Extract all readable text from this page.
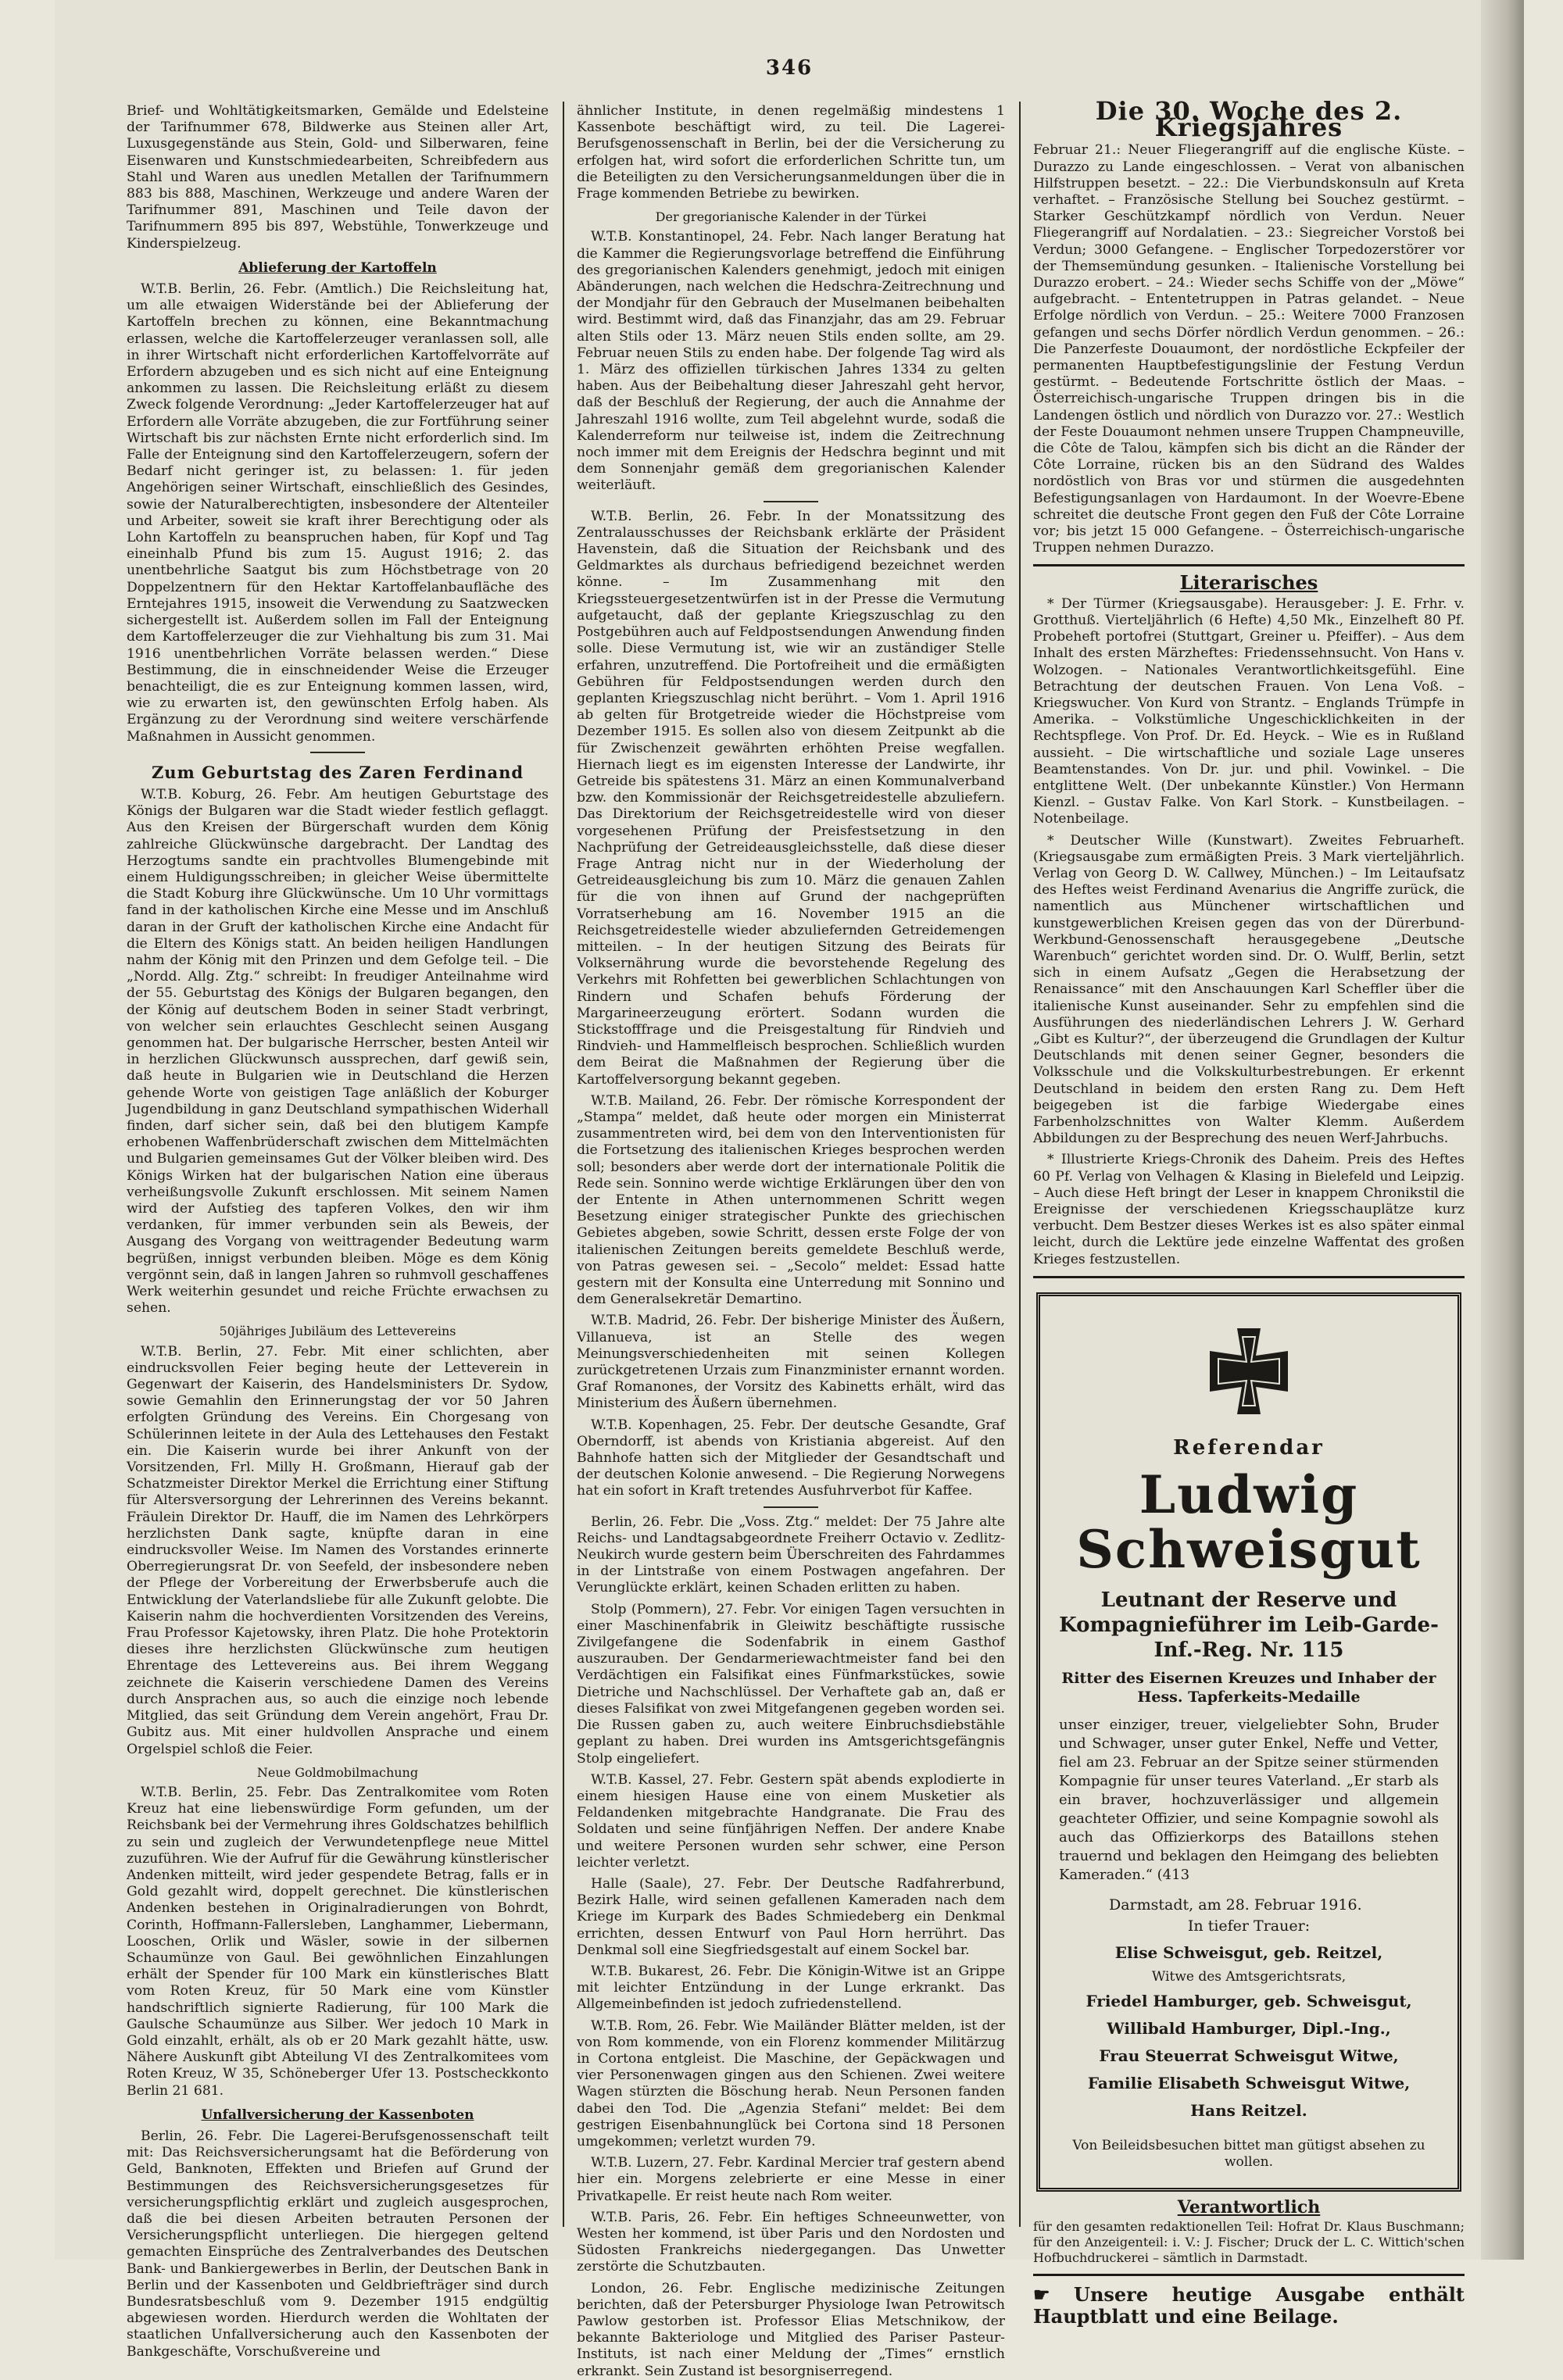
346

Brief- und Wohltätigkeitsmarken, Gemälde und Edelsteine der Tarifnummer 678, Bildwerke aus Steinen aller Art, Luxusgegenstände aus Stein, Gold- und Silberwaren, feine Eisenwaren und Kunstschmiedearbeiten, Schreibfedern aus Stahl und Waren aus unedlen Metallen der Tarifnummern 883 bis 888, Maschinen, Werkzeuge und andere Waren der Tarifnummer 891, Maschinen und Teile davon der Tarifnummern 895 bis 897, Webstühle, Tonwerkzeuge und Kinderspielzeug.

Ablieferung der Kartoffeln

W.T.B. Berlin, 26. Febr. (Amtlich.) Die Reichsleitung hat, um alle etwaigen Widerstände bei der Ablieferung der Kartoffeln brechen zu können, eine Bekanntmachung erlassen, welche die Kartoffelerzeuger veranlassen soll, alle in ihrer Wirtschaft nicht erforderlichen Kartoffelvorräte auf Erfordern abzugeben und es sich nicht auf eine Enteignung ankommen zu lassen. Die Reichsleitung erläßt zu diesem Zweck folgende Verordnung: „Jeder Kartoffelerzeuger hat auf Erfordern alle Vorräte abzugeben, die zur Fortführung seiner Wirtschaft bis zur nächsten Ernte nicht erforderlich sind. Im Falle der Enteignung sind den Kartoffelerzeugern, sofern der Bedarf nicht geringer ist, zu belassen: 1. für jeden Angehörigen seiner Wirtschaft, einschließlich des Gesindes, sowie der Naturalberechtigten, insbesondere der Altenteiler und Arbeiter, soweit sie kraft ihrer Berechtigung oder als Lohn Kartoffeln zu beanspruchen haben, für Kopf und Tag eineinhalb Pfund bis zum 15. August 1916; 2. das unentbehrliche Saatgut bis zum Höchstbetrage von 20 Doppelzentnern für den Hektar Kartoffelanbaufläche des Erntejahres 1915, insoweit die Verwendung zu Saatzwecken sichergestellt ist. Außerdem sollen im Fall der Enteignung dem Kartoffelerzeuger die zur Viehhaltung bis zum 31. Mai 1916 unentbehrlichen Vorräte belassen werden.“ Diese Bestimmung, die in einschneidender Weise die Erzeuger benachteiligt, die es zur Enteignung kommen lassen, wird, wie zu erwarten ist, den gewünschten Erfolg haben. Als Ergänzung zu der Verordnung sind weitere verschärfende Maßnahmen in Aussicht genommen.

Zum Geburtstag des Zaren Ferdinand

W.T.B. Koburg, 26. Febr. Am heutigen Geburtstage des Königs der Bulgaren war die Stadt wieder festlich geflaggt. Aus den Kreisen der Bürgerschaft wurden dem König zahlreiche Glückwünsche dargebracht. Der Landtag des Herzogtums sandte ein prachtvolles Blumengebinde mit einem Huldigungsschreiben; in gleicher Weise übermittelte die Stadt Koburg ihre Glückwünsche. Um 10 Uhr vormittags fand in der katholischen Kirche eine Messe und im Anschluß daran in der Gruft der katholischen Kirche eine Andacht für die Eltern des Königs statt. An beiden heiligen Handlungen nahm der König mit den Prinzen und dem Gefolge teil. – Die „Nordd. Allg. Ztg.“ schreibt: In freudiger Anteilnahme wird der 55. Geburtstag des Königs der Bulgaren begangen, den der König auf deutschem Boden in seiner Stadt verbringt, von welcher sein erlauchtes Geschlecht seinen Ausgang genommen hat. Der bulgarische Herrscher, besten Anteil wir in herzlichen Glückwunsch aussprechen, darf gewiß sein, daß heute in Bulgarien wie in Deutschland die Herzen gehende Worte von geistigen Tage anläßlich der Koburger Jugendbildung in ganz Deutschland sympathischen Widerhall finden, darf sicher sein, daß bei den blutigem Kampfe erhobenen Waffenbrüderschaft zwischen dem Mittelmächten und Bulgarien gemeinsames Gut der Völker bleiben wird. Des Königs Wirken hat der bulgarischen Nation eine überaus verheißungsvolle Zukunft erschlossen. Mit seinem Namen wird der Aufstieg des tapferen Volkes, den wir ihm verdanken, für immer verbunden sein als Beweis, der Ausgang des Vorgang von weittragender Bedeutung warm begrüßen, innigst verbunden bleiben. Möge es dem König vergönnt sein, daß in langen Jahren so ruhmvoll geschaffenes Werk weiterhin gesundet und reiche Früchte erwachsen zu sehen.

50jähriges Jubiläum des Lettevereins

W.T.B. Berlin, 27. Febr. Mit einer schlichten, aber eindrucksvollen Feier beging heute der Letteverein in Gegenwart der Kaiserin, des Handelsministers Dr. Sydow, sowie Gemahlin den Erinnerungstag der vor 50 Jahren erfolgten Gründung des Vereins. Ein Chorgesang von Schülerinnen leitete in der Aula des Lettehauses den Festakt ein. Die Kaiserin wurde bei ihrer Ankunft von der Vorsitzenden, Frl. Milly H. Großmann, Hierauf gab der Schatzmeister Direktor Merkel die Errichtung einer Stiftung für Altersversorgung der Lehrerinnen des Vereins bekannt. Fräulein Direktor Dr. Hauff, die im Namen des Lehrkörpers herzlichsten Dank sagte, knüpfte daran in eine eindrucksvoller Weise. Im Namen des Vorstandes erinnerte Oberregierungsrat Dr. von Seefeld, der insbesondere neben der Pflege der Vorbereitung der Erwerbsberufe auch die Entwicklung der Vaterlandsliebe für alle Zukunft gelobte. Die Kaiserin nahm die hochverdienten Vorsitzenden des Vereins, Frau Professor Kajetowsky, ihren Platz. Die hohe Protektorin dieses ihre herzlichsten Glückwünsche zum heutigen Ehrentage des Lettevereins aus. Bei ihrem Weggang zeichnete die Kaiserin verschiedene Damen des Vereins durch Ansprachen aus, so auch die einzige noch lebende Mitglied, das seit Gründung dem Verein angehört, Frau Dr. Gubitz aus. Mit einer huldvollen Ansprache und einem Orgelspiel schloß die Feier.

Neue Goldmobilmachung

W.T.B. Berlin, 25. Febr. Das Zentralkomitee vom Roten Kreuz hat eine liebenswürdige Form gefunden, um der Reichsbank bei der Vermehrung ihres Goldschatzes behilflich zu sein und zugleich der Verwundetenpflege neue Mittel zuzuführen. Wie der Aufruf für die Gewährung künstlerischer Andenken mitteilt, wird jeder gespendete Betrag, falls er in Gold gezahlt wird, doppelt gerechnet. Die künstlerischen Andenken bestehen in Originalradierungen von Bohrdt, Corinth, Hoffmann-Fallersleben, Langhammer, Liebermann, Looschen, Orlik und Wäsler, sowie in der silbernen Schaumünze von Gaul. Bei gewöhnlichen Einzahlungen erhält der Spender für 100 Mark ein künstlerisches Blatt vom Roten Kreuz, für 50 Mark eine vom Künstler handschriftlich signierte Radierung, für 100 Mark die Gaulsche Schaumünze aus Silber. Wer jedoch 10 Mark in Gold einzahlt, erhält, als ob er 20 Mark gezahlt hätte, usw. Nähere Auskunft gibt Abteilung VI des Zentralkomitees vom Roten Kreuz, W 35, Schöneberger Ufer 13. Postscheckkonto Berlin 21 681.

Unfallversicherung der Kassenboten

Berlin, 26. Febr. Die Lagerei-Berufsgenossenschaft teilt mit: Das Reichsversicherungsamt hat die Beförderung von Geld, Banknoten, Effekten und Briefen auf Grund der Bestimmungen des Reichsversicherungsgesetzes für versicherungspflichtig erklärt und zugleich ausgesprochen, daß die bei diesen Arbeiten betrauten Personen der Versicherungspflicht unterliegen. Die hiergegen geltend gemachten Einsprüche des Zentralverbandes des Deutschen Bank- und Bankiergewerbes in Berlin, der Deutschen Bank in Berlin und der Kassenboten und Geldbriefträger sind durch Bundesratsbeschluß vom 9. Dezember 1915 endgültig abgewiesen worden. Hierdurch werden die Wohltaten der staatlichen Unfallversicherung auch den Kassenboten der Bankgeschäfte, Vorschußvereine und

ähnlicher Institute, in denen regelmäßig mindestens 1 Kassenbote beschäftigt wird, zu teil. Die Lagerei-Berufsgenossenschaft in Berlin, bei der die Versicherung zu erfolgen hat, wird sofort die erforderlichen Schritte tun, um die Beteiligten zu den Versicherungsanmeldungen über die in Frage kommenden Betriebe zu bewirken.

Der gregorianische Kalender in der Türkei

W.T.B. Konstantinopel, 24. Febr. Nach langer Beratung hat die Kammer die Regierungsvorlage betreffend die Einführung des gregorianischen Kalenders genehmigt, jedoch mit einigen Abänderungen, nach welchen die Hedschra-Zeitrechnung und der Mondjahr für den Gebrauch der Muselmanen beibehalten wird. Bestimmt wird, daß das Finanzjahr, das am 29. Februar alten Stils oder 13. März neuen Stils enden sollte, am 29. Februar neuen Stils zu enden habe. Der folgende Tag wird als 1. März des offiziellen türkischen Jahres 1334 zu gelten haben. Aus der Beibehaltung dieser Jahreszahl geht hervor, daß der Beschluß der Regierung, der auch die Annahme der Jahreszahl 1916 wollte, zum Teil abgelehnt wurde, sodaß die Kalenderreform nur teilweise ist, indem die Zeitrechnung noch immer mit dem Ereignis der Hedschra beginnt und mit dem Sonnenjahr gemäß dem gregorianischen Kalender weiterläuft.

W.T.B. Berlin, 26. Febr. In der Monatssitzung des Zentralausschusses der Reichsbank erklärte der Präsident Havenstein, daß die Situation der Reichsbank und des Geldmarktes als durchaus befriedigend bezeichnet werden könne. – Im Zusammenhang mit den Kriegssteuergesetzentwürfen ist in der Presse die Vermutung aufgetaucht, daß der geplante Kriegszuschlag zu den Postgebühren auch auf Feldpostsendungen Anwendung finden solle. Diese Vermutung ist, wie wir an zuständiger Stelle erfahren, unzutreffend. Die Portofreiheit und die ermäßigten Gebühren für Feldpostsendungen werden durch den geplanten Kriegszuschlag nicht berührt. – Vom 1. April 1916 ab gelten für Brotgetreide wieder die Höchstpreise vom Dezember 1915. Es sollen also von diesem Zeitpunkt ab die für Zwischenzeit gewährten erhöhten Preise wegfallen. Hiernach liegt es im eigensten Interesse der Landwirte, ihr Getreide bis spätestens 31. März an einen Kommunalverband bzw. den Kommissionär der Reichsgetreidestelle abzuliefern. Das Direktorium der Reichsgetreidestelle wird von dieser vorgesehenen Prüfung der Preisfestsetzung in den Nachprüfung der Getreideausgleichsstelle, daß diese dieser Frage Antrag nicht nur in der Wiederholung der Getreideausgleichung bis zum 10. März die genauen Zahlen für die von ihnen auf Grund der nachgeprüften Vorratserhebung am 16. November 1915 an die Reichsgetreidestelle wieder abzuliefernden Getreidemengen mitteilen. – In der heutigen Sitzung des Beirats für Volksernährung wurde die bevorstehende Regelung des Verkehrs mit Rohfetten bei gewerblichen Schlachtungen von Rindern und Schafen behufs Förderung der Margarineerzeugung erörtert. Sodann wurden die Stickstofffrage und die Preisgestaltung für Rindvieh und Rindvieh- und Hammelfleisch besprochen. Schließlich wurden dem Beirat die Maßnahmen der Regierung über die Kartoffelversorgung bekannt gegeben.

W.T.B. Mailand, 26. Febr. Der römische Korrespondent der „Stampa“ meldet, daß heute oder morgen ein Ministerrat zusammentreten wird, bei dem von den Interventionisten für die Fortsetzung des italienischen Krieges besprochen werden soll; besonders aber werde dort der internationale Politik die Rede sein. Sonnino werde wichtige Erklärungen über den von der Entente in Athen unternommenen Schritt wegen Besetzung einiger strategischer Punkte des griechischen Gebietes abgeben, sowie Schritt, dessen erste Folge der von italienischen Zeitungen bereits gemeldete Beschluß werde, von Patras gewesen sei. – „Secolo“ meldet: Essad hatte gestern mit der Konsulta eine Unterredung mit Sonnino und dem Generalsekretär Demartino.

W.T.B. Madrid, 26. Febr. Der bisherige Minister des Äußern, Villanueva, ist an Stelle des wegen Meinungsverschiedenheiten mit seinen Kollegen zurückgetretenen Urzais zum Finanzminister ernannt worden. Graf Romanones, der Vorsitz des Kabinetts erhält, wird das Ministerium des Äußern übernehmen.

W.T.B. Kopenhagen, 25. Febr. Der deutsche Gesandte, Graf Oberndorff, ist abends von Kristiania abgereist. Auf den Bahnhofe hatten sich der Mitglieder der Gesandtschaft und der deutschen Kolonie anwesend. – Die Regierung Norwegens hat ein sofort in Kraft tretendes Ausfuhrverbot für Kaffee.

Berlin, 26. Febr. Die „Voss. Ztg.“ meldet: Der 75 Jahre alte Reichs- und Landtagsabgeordnete Freiherr Octavio v. Zedlitz-Neukirch wurde gestern beim Überschreiten des Fahrdammes in der Lintstraße von einem Postwagen angefahren. Der Verunglückte erklärt, keinen Schaden erlitten zu haben.

Stolp (Pommern), 27. Febr. Vor einigen Tagen versuchten in einer Maschinenfabrik in Gleiwitz beschäftigte russische Zivilgefangene die Sodenfabrik in einem Gasthof auszurauben. Der Gendarmeriewachtmeister fand bei den Verdächtigen ein Falsifikat eines Fünfmarkstückes, sowie Dietriche und Nachschlüssel. Der Verhaftete gab an, daß er dieses Falsifikat von zwei Mitgefangenen gegeben worden sei. Die Russen gaben zu, auch weitere Einbruchsdiebstähle geplant zu haben. Drei wurden ins Amtsgerichtsgefängnis Stolp eingeliefert.

W.T.B. Kassel, 27. Febr. Gestern spät abends explodierte in einem hiesigen Hause eine von einem Musketier als Feldandenken mitgebrachte Handgranate. Die Frau des Soldaten und seine fünfjährigen Neffen. Der andere Knabe und weitere Personen wurden sehr schwer, eine Person leichter verletzt.

Halle (Saale), 27. Febr. Der Deutsche Radfahrerbund, Bezirk Halle, wird seinen gefallenen Kameraden nach dem Kriege im Kurpark des Bades Schmiedeberg ein Denkmal errichten, dessen Entwurf von Paul Horn herrührt. Das Denkmal soll eine Siegfriedsgestalt auf einem Sockel bar.

W.T.B. Bukarest, 26. Febr. Die Königin-Witwe ist an Grippe mit leichter Entzündung in der Lunge erkrankt. Das Allgemeinbefinden ist jedoch zufriedenstellend.

W.T.B. Rom, 26. Febr. Wie Mailänder Blätter melden, ist der von Rom kommende, von ein Florenz kommender Militärzug in Cortona entgleist. Die Maschine, der Gepäckwagen und vier Personenwagen gingen aus den Schienen. Zwei weitere Wagen stürzten die Böschung herab. Neun Personen fanden dabei den Tod. Die „Agenzia Stefani“ meldet: Bei dem gestrigen Eisenbahnunglück bei Cortona sind 18 Personen umgekommen; verletzt wurden 79.

W.T.B. Luzern, 27. Febr. Kardinal Mercier traf gestern abend hier ein. Morgens zelebrierte er eine Messe in einer Privatkapelle. Er reist heute nach Rom weiter.

W.T.B. Paris, 26. Febr. Ein heftiges Schneeunwetter, von Westen her kommend, ist über Paris und den Nordosten und Südosten Frankreichs niedergegangen. Das Unwetter zerstörte die Schutzbauten.

London, 26. Febr. Englische medizinische Zeitungen berichten, daß der Petersburger Physiologe Iwan Petrowitsch Pawlow gestorben ist. Professor Elias Metschnikow, der bekannte Bakteriologe und Mitglied des Pariser Pasteur-Instituts, ist nach einer Meldung der „Times“ ernstlich erkrankt. Sein Zustand ist besorgniserregend.

Die 30. Woche des 2. Kriegsjahres

Februar 21.: Neuer Fliegerangriff auf die englische Küste. – Durazzo zu Lande eingeschlossen. – Verat von albanischen Hilfstruppen besetzt. – 22.: Die Vierbundskonsuln auf Kreta verhaftet. – Französische Stellung bei Souchez gestürmt. – Starker Geschützkampf nördlich von Verdun. Neuer Fliegerangriff auf Nordalatien. – 23.: Siegreicher Vorstoß bei Verdun; 3000 Gefangene. – Englischer Torpedozerstörer vor der Themsemündung gesunken. – Italienische Vorstellung bei Durazzo erobert. – 24.: Wieder sechs Schiffe von der „Möwe“ aufgebracht. – Ententetruppen in Patras gelandet. – Neue Erfolge nördlich von Verdun. – 25.: Weitere 7000 Franzosen gefangen und sechs Dörfer nördlich Verdun genommen. – 26.: Die Panzerfeste Douaumont, der nordöstliche Eckpfeiler der permanenten Hauptbefestigungslinie der Festung Verdun gestürmt. – Bedeutende Fortschritte östlich der Maas. – Österreichisch-ungarische Truppen dringen bis in die Landengen östlich und nördlich von Durazzo vor. 27.: Westlich der Feste Douaumont nehmen unsere Truppen Champneuville, die Côte de Talou, kämpfen sich bis dicht an die Ränder der Côte Lorraine, rücken bis an den Südrand des Waldes nordöstlich von Bras vor und stürmen die ausgedehnten Befestigungsanlagen von Hardaumont. In der Woevre-Ebene schreitet die deutsche Front gegen den Fuß der Côte Lorraine vor; bis jetzt 15 000 Gefangene. – Österreichisch-ungarische Truppen nehmen Durazzo.

Literarisches

* Der Türmer (Kriegsausgabe). Herausgeber: J. E. Frhr. v. Grotthuß. Vierteljährlich (6 Hefte) 4,50 Mk., Einzelheft 80 Pf. Probeheft portofrei (Stuttgart, Greiner u. Pfeiffer). – Aus dem Inhalt des ersten Märzheftes: Friedenssehnsucht. Von Hans v. Wolzogen. – Nationales Verantwortlichkeitsgefühl. Eine Betrachtung der deutschen Frauen. Von Lena Voß. – Kriegswucher. Von Kurd von Strantz. – Englands Trümpfe in Amerika. – Volkstümliche Ungeschicklichkeiten in der Rechtspflege. Von Prof. Dr. Ed. Heyck. – Wie es in Rußland aussieht. – Die wirtschaftliche und soziale Lage unseres Beamtenstandes. Von Dr. jur. und phil. Vowinkel. – Die entglittene Welt. (Der unbekannte Künstler.) Von Hermann Kienzl. – Gustav Falke. Von Karl Stork. – Kunstbeilagen. – Notenbeilage.

* Deutscher Wille (Kunstwart). Zweites Februarheft. (Kriegsausgabe zum ermäßigten Preis. 3 Mark vierteljährlich. Verlag von Georg D. W. Callwey, München.) – Im Leitaufsatz des Heftes weist Ferdinand Avenarius die Angriffe zurück, die namentlich aus Münchener wirtschaftlichen und kunstgewerblichen Kreisen gegen das von der Dürerbund-Werkbund-Genossenschaft herausgegebene „Deutsche Warenbuch“ gerichtet worden sind. Dr. O. Wulff, Berlin, setzt sich in einem Aufsatz „Gegen die Herabsetzung der Renaissance“ mit den Anschauungen Karl Scheffler über die italienische Kunst auseinander. Sehr zu empfehlen sind die Ausführungen des niederländischen Lehrers J. W. Gerhard „Gibt es Kultur?“, der überzeugend die Grundlagen der Kultur Deutschlands mit denen seiner Gegner, besonders die Volksschule und die Volkskulturbestrebungen. Er erkennt Deutschland in beidem den ersten Rang zu. Dem Heft beigegeben ist die farbige Wiedergabe eines Farbenholzschnittes von Walter Klemm. Außerdem Abbildungen zu der Besprechung des neuen Werf-Jahrbuchs.

* Illustrierte Kriegs-Chronik des Daheim. Preis des Heftes 60 Pf. Verlag von Velhagen & Klasing in Bielefeld und Leipzig. – Auch diese Heft bringt der Leser in knappem Chronikstil die Ereignisse der verschiedenen Kriegsschauplätze kurz verbucht. Dem Bestzer dieses Werkes ist es also später einmal leicht, durch die Lektüre jede einzelne Waffentat des großen Krieges festzustellen.

Referendar
Ludwig Schweisgut
Leutnant der Reserve und Kompagnieführer im Leib-Garde-Inf.-Reg. Nr. 115
Ritter des Eisernen Kreuzes und Inhaber der Hess. Tapferkeits-Medaille
unser einziger, treuer, vielgeliebter Sohn, Bruder und Schwager, unser guter Enkel, Neffe und Vetter, fiel am 23. Februar an der Spitze seiner stürmenden Kompagnie für unser teures Vaterland. „Er starb als ein braver, hochzuverlässiger und allgemein geachteter Offizier, und seine Kompagnie sowohl als auch das Offizierkorps des Bataillons stehen trauernd und beklagen den Heimgang des beliebten Kameraden.“ (413
Darmstadt, am 28. Februar 1916.
In tiefer Trauer:
Elise Schweisgut, geb. Reitzel,
Witwe des Amtsgerichtsrats,
Friedel Hamburger, geb. Schweisgut,
Willibald Hamburger, Dipl.-Ing.,
Frau Steuerrat Schweisgut Witwe,
Familie Elisabeth Schweisgut Witwe,
Hans Reitzel.
Von Beileidsbesuchen bittet man gütigst absehen zu wollen.
Verantwortlich
für den gesamten redaktionellen Teil: Hofrat Dr. Klaus Buschmann; für den Anzeigenteil: i. V.: J. Fischer; Druck der L. C. Wittich'schen Hofbuchdruckerei – sämtlich in Darmstadt.
☛ Unsere heutige Ausgabe enthält Hauptblatt und eine Beilage.
